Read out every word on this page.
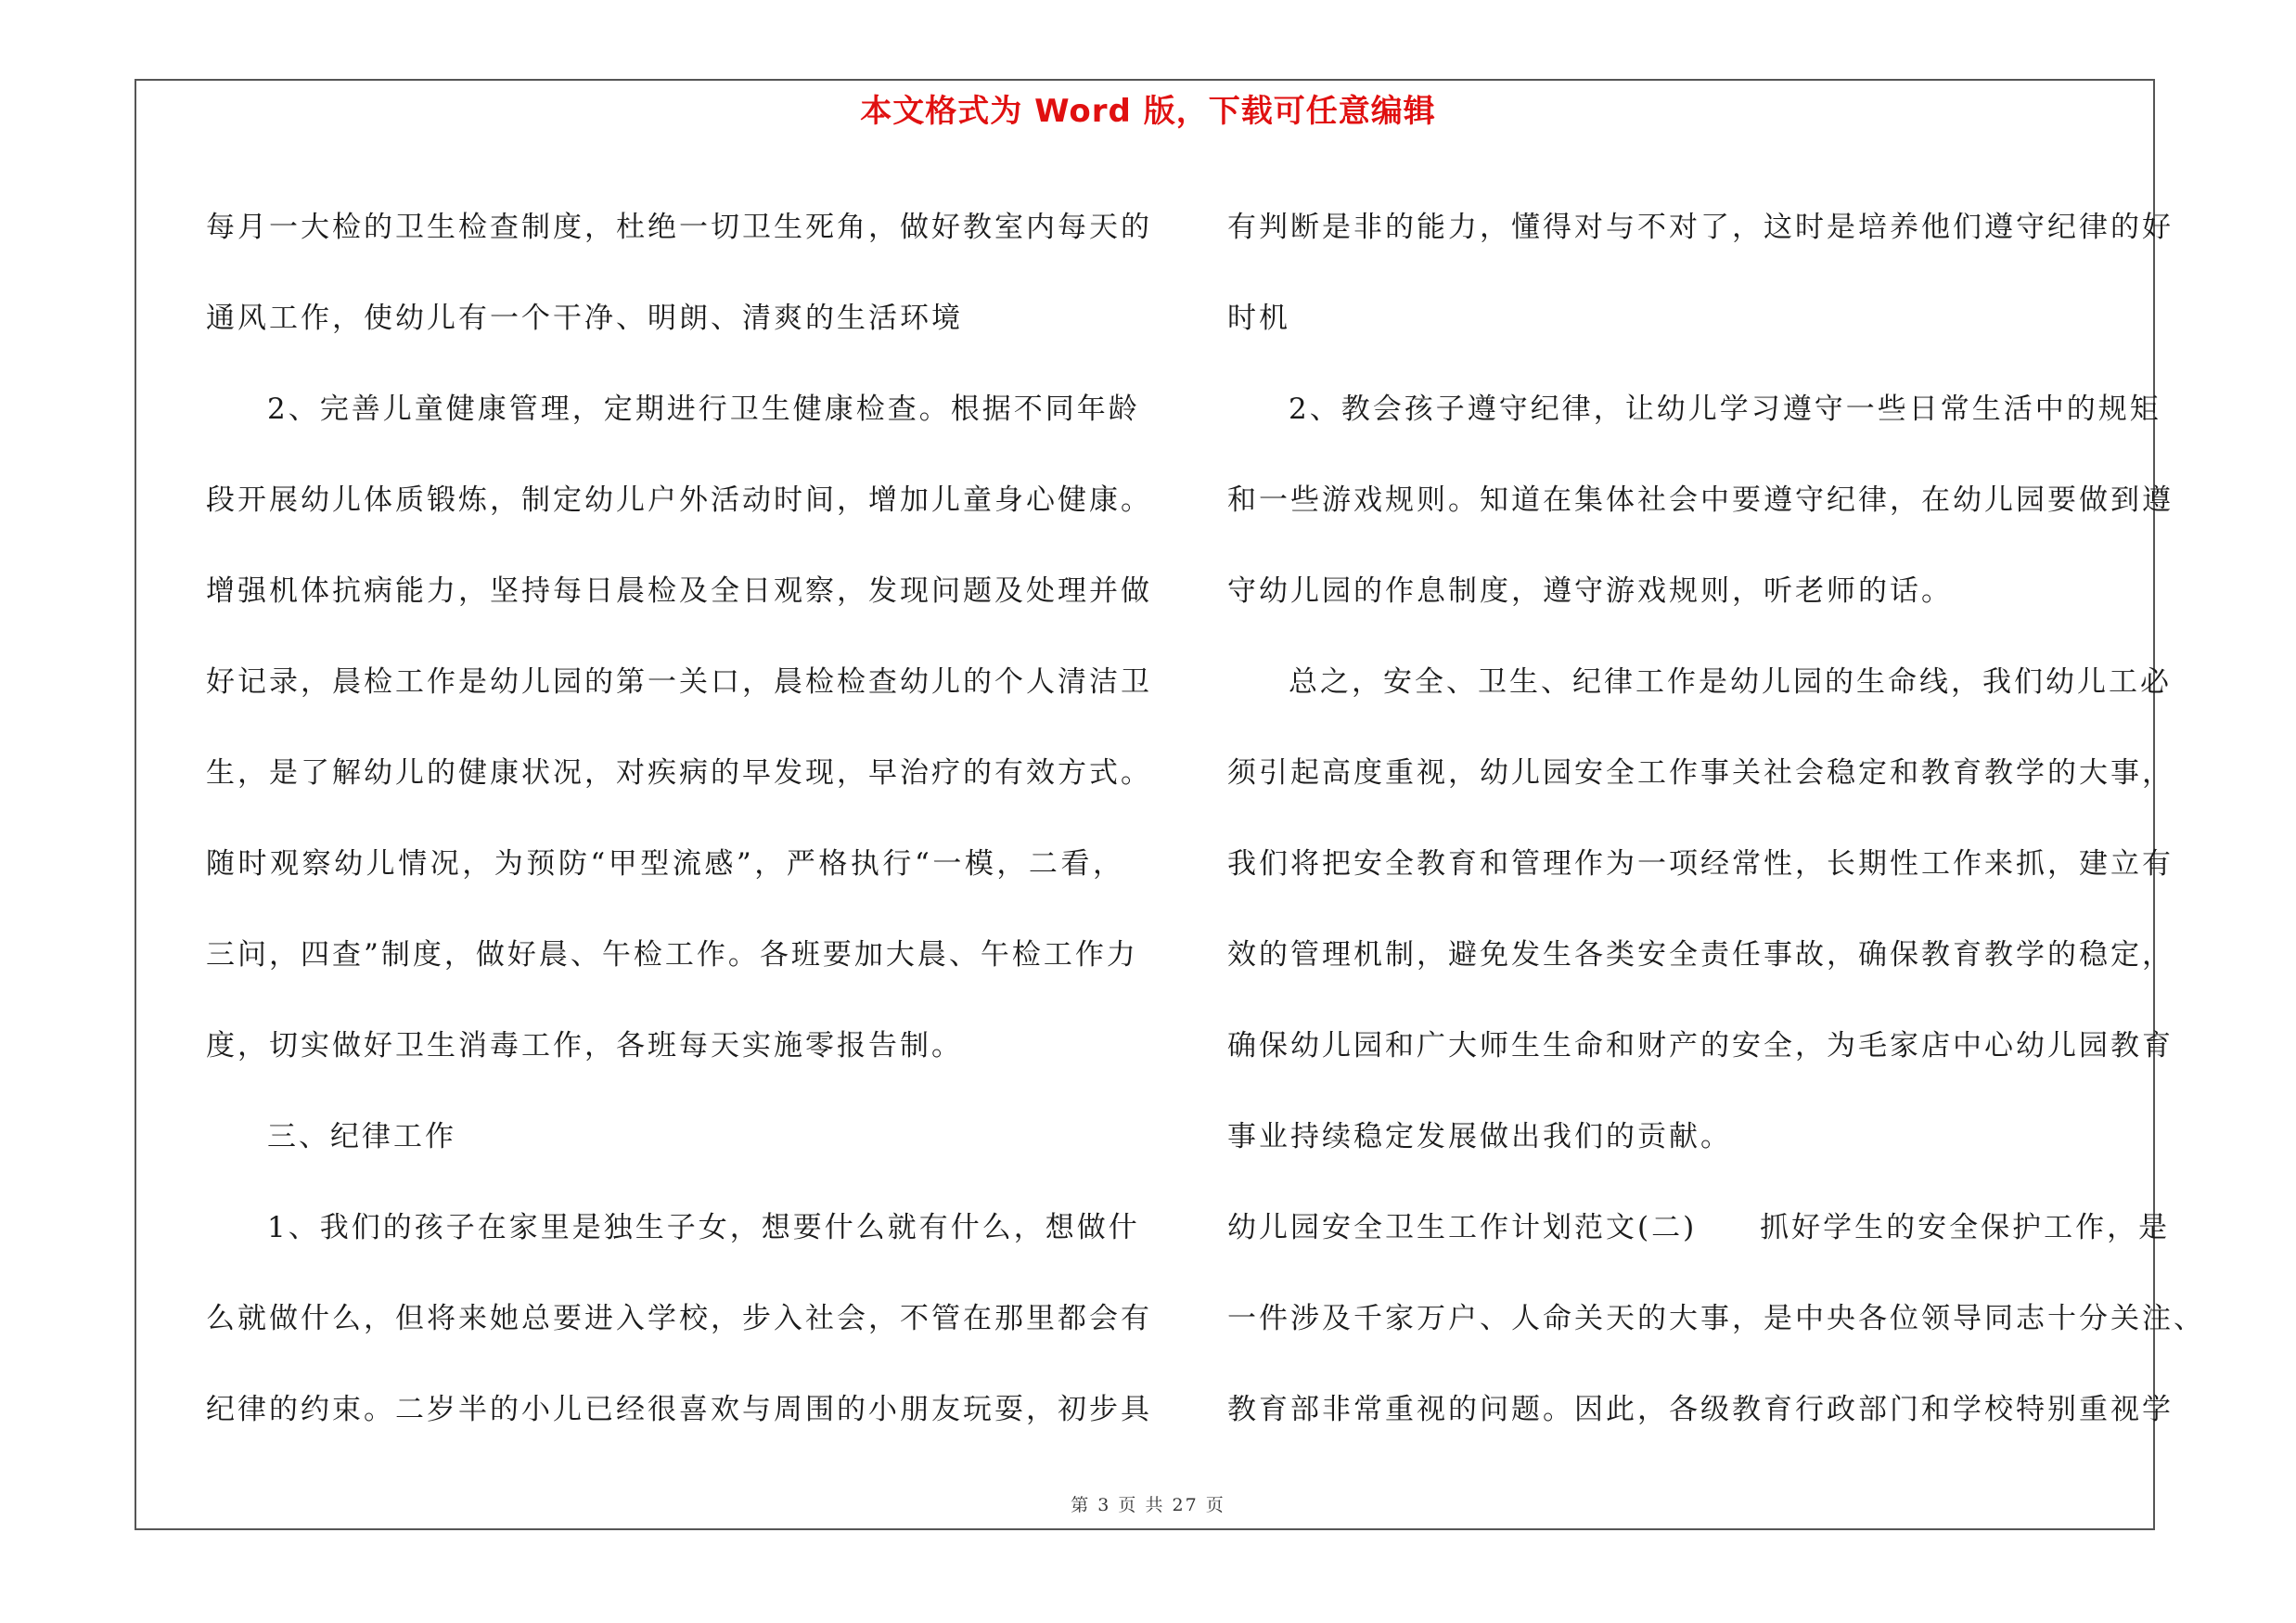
本文格式为 Word 版，下载可任意编辑
每月一大检的卫生检查制度，杜绝一切卫生死角，做好教室内每天的
通风工作，使幼儿有一个干净、明朗、清爽的生活环境
2、完善儿童健康管理，定期进行卫生健康检查。根据不同年龄
段开展幼儿体质锻炼，制定幼儿户外活动时间，增加儿童身心健康。
增强机体抗病能力，坚持每日晨检及全日观察，发现问题及处理并做
好记录，晨检工作是幼儿园的第一关口，晨检检查幼儿的个人清洁卫
生，是了解幼儿的健康状况，对疾病的早发现，早治疗的有效方式。
随时观察幼儿情况，为预防“甲型流感”，严格执行“一模，二看，
三问，四查”制度，做好晨、午检工作。各班要加大晨、午检工作力
度，切实做好卫生消毒工作，各班每天实施零报告制。
三、纪律工作
1、我们的孩子在家里是独生子女，想要什么就有什么，想做什
么就做什么，但将来她总要进入学校，步入社会，不管在那里都会有
纪律的约束。二岁半的小儿已经很喜欢与周围的小朋友玩耍，初步具
有判断是非的能力，懂得对与不对了，这时是培养他们遵守纪律的好
时机
2、教会孩子遵守纪律，让幼儿学习遵守一些日常生活中的规矩
和一些游戏规则。知道在集体社会中要遵守纪律，在幼儿园要做到遵
守幼儿园的作息制度，遵守游戏规则，听老师的话。
总之，安全、卫生、纪律工作是幼儿园的生命线，我们幼儿工必
须引起高度重视，幼儿园安全工作事关社会稳定和教育教学的大事，
我们将把安全教育和管理作为一项经常性，长期性工作来抓，建立有
效的管理机制，避免发生各类安全责任事故，确保教育教学的稳定，
确保幼儿园和广大师生生命和财产的安全，为毛家店中心幼儿园教育
事业持续稳定发展做出我们的贡献。
幼儿园安全卫生工作计划范文(二)　　抓好学生的安全保护工作，是
一件涉及千家万户、人命关天的大事，是中央各位领导同志十分关注、
教育部非常重视的问题。因此，各级教育行政部门和学校特别重视学
第 3 页 共 27 页
